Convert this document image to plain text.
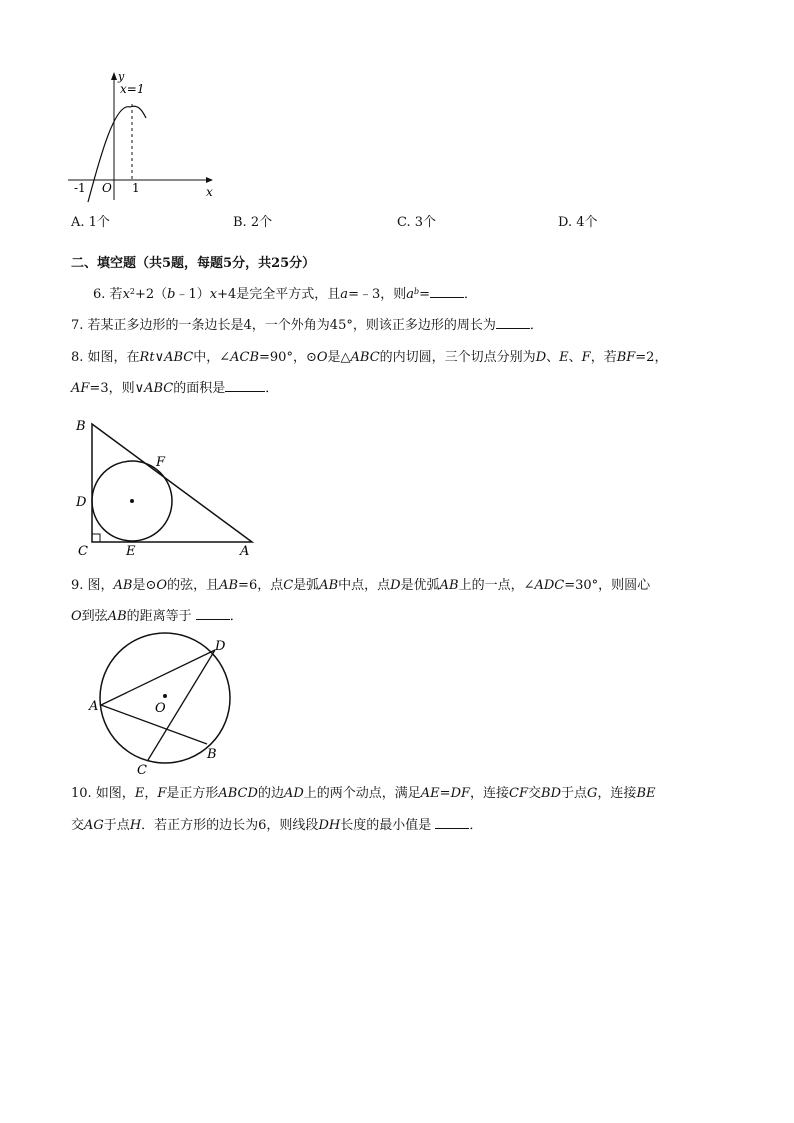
y
x
x=1
-1 O 1
A. 1个	B. 2个	C. 3个	D. 4个
二、填空题（共5题，每题5分，共25分）
6. 若$x^2+2(b﹣1)x+4$是完全平方式，且a=﹣3，则$a^b=$	．
7. 若某正多边形的一条边长是4，一个外角为45°，则该正多边形的周长为	．
8. 如图，在Rt∨ABC中，∠ACB=90°，⊙O是△ABC的内切圆，三个切点分别为D、E、F，若BF=2，
AF=3，则∨ABC的面积是	．
B
F
D
C	E	A
9. 图，AB是⊙O的弦，且AB=6，点C是弧AB中点，点D是优弧AB上的一点，∠ADC=30°，则圆心
O到弦AB的距离等于	．
D
A	O
B
C
10. 如图，E，F是正方形ABCD的边AD上的两个动点，满足AE=DF，连接CF交BD于点G，连接BE
交AG于点H．若正方形的边长为6，则线段DH长度的最小值是	．
